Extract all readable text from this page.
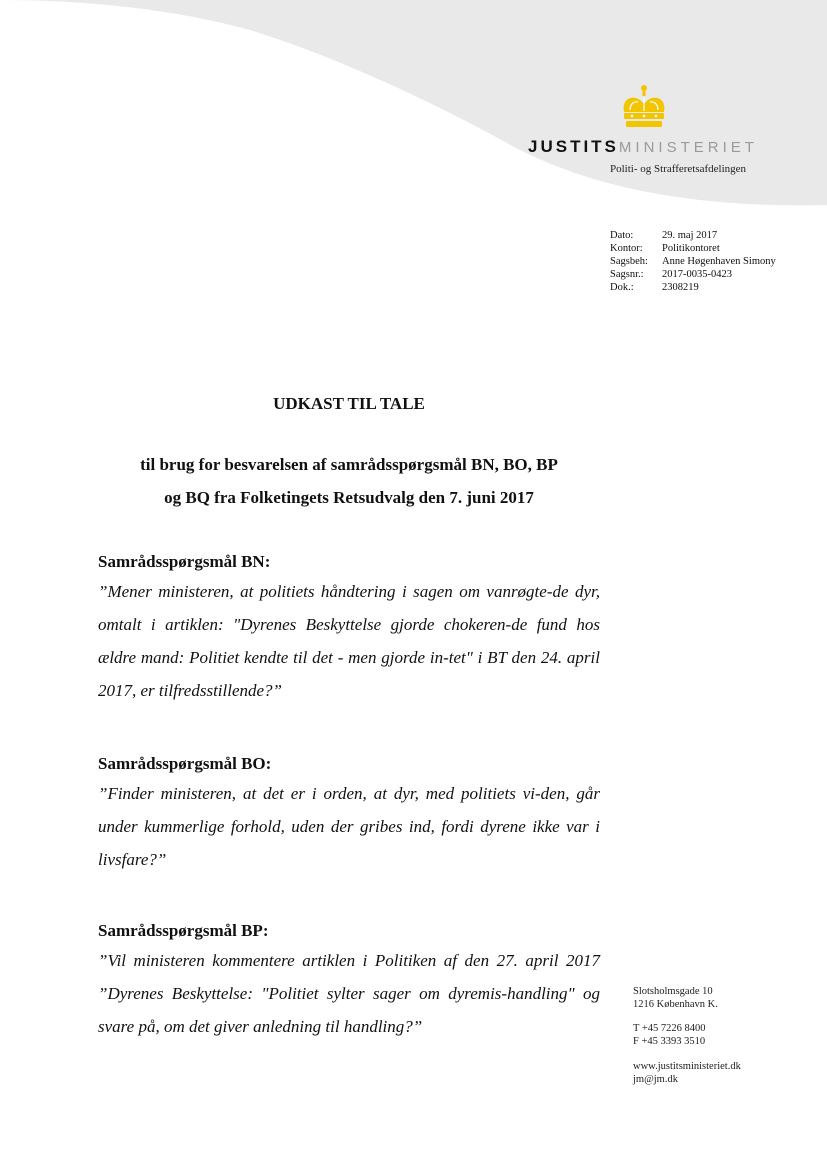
JUSTITSMINISTERIET
Politi- og Strafferetsafdelingen
Dato:	29. maj 2017
Kontor:	Politikontoret
Sagsbeh:	Anne Høgenhaven Simony
Sagsnr.:	2017-0035-0423
Dok.:	2308219
UDKAST TIL TALE
til brug for besvarelsen af samrådsspørgsmål BN, BO, BP
og BQ fra Folketingets Retsudvalg den 7. juni 2017
Samrådsspørgsmål BN:
”Mener ministeren, at politiets håndtering i sagen om vanrøgte-de dyr, omtalt i artiklen: "Dyrenes Beskyttelse gjorde chokeren-de fund hos ældre mand: Politiet kendte til det - men gjorde in-tet" i BT den 24. april 2017, er tilfredsstillende?”
Samrådsspørgsmål BO:
”Finder ministeren, at det er i orden, at dyr, med politiets vi-den, går under kummerlige forhold, uden der gribes ind, fordi dyrene ikke var i livsfare?”
Samrådsspørgsmål BP:
”Vil ministeren kommentere artiklen i Politiken af den 27. april 2017 ”Dyrenes Beskyttelse: "Politiet sylter sager om dyremis-handling" og svare på, om det giver anledning til handling?”
Slotsholmsgade 10
1216 København K.
T +45 7226 8400
F +45 3393 3510
www.justitsministeriet.dk
jm@jm.dk
